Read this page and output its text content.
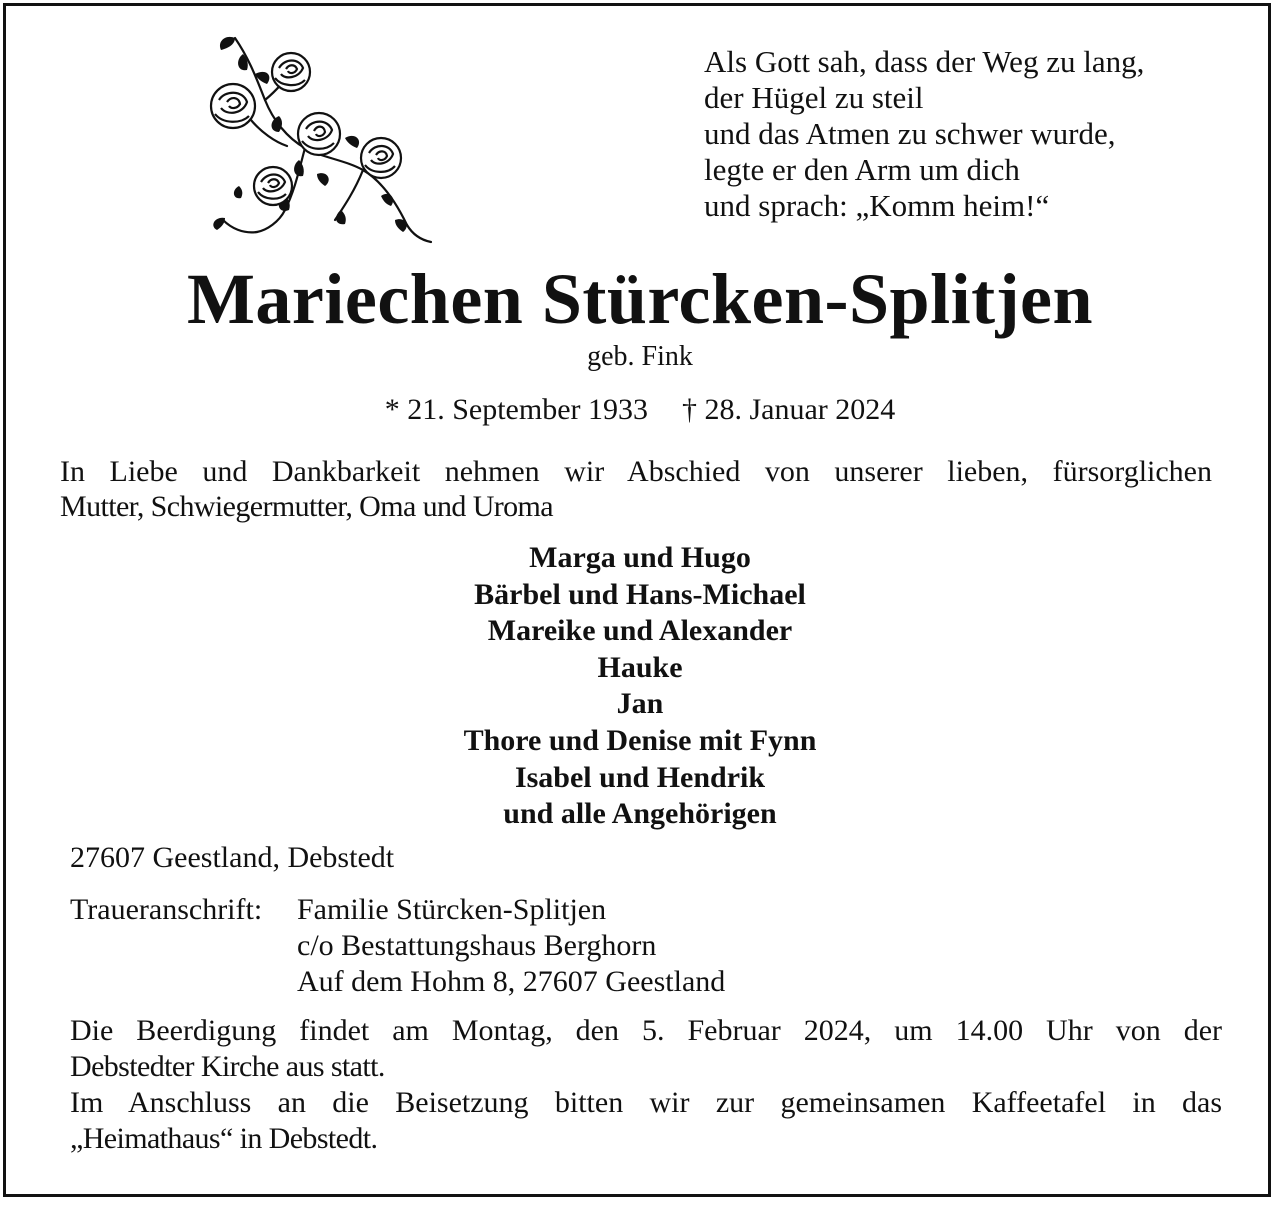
Als Gott sah, dass der Weg zu lang,
der Hügel zu steil
und das Atmen zu schwer wurde,
legte er den Arm um dich
und sprach: „Komm heim!“
Mariechen Stürcken-Splitjen
geb. Fink
* 21. September 1933 † 28. Januar 2024

In Liebe und Dankbarkeit nehmen wir Abschied von unserer lieben, fürsorglichen
Mutter, Schwiegermutter, Oma und Uroma

Marga und Hugo
Bärbel und Hans-Michael
Mareike und Alexander
Hauke
Jan
Thore und Denise mit Fynn
Isabel und Hendrik
und alle Angehörigen
27607 Geestland, Debstedt
Traueranschrift: Familie Stürcken-Splitjen
c/o Bestattungshaus Berghorn
Auf dem Hohm 8, 27607 Geestland

Die Beerdigung findet am Montag, den 5. Februar 2024, um 14.00 Uhr von der
Debstedter Kirche aus statt.
Im Anschluss an die Beisetzung bitten wir zur gemeinsamen Kaffeetafel in das
„Heimathaus“ in Debstedt.
